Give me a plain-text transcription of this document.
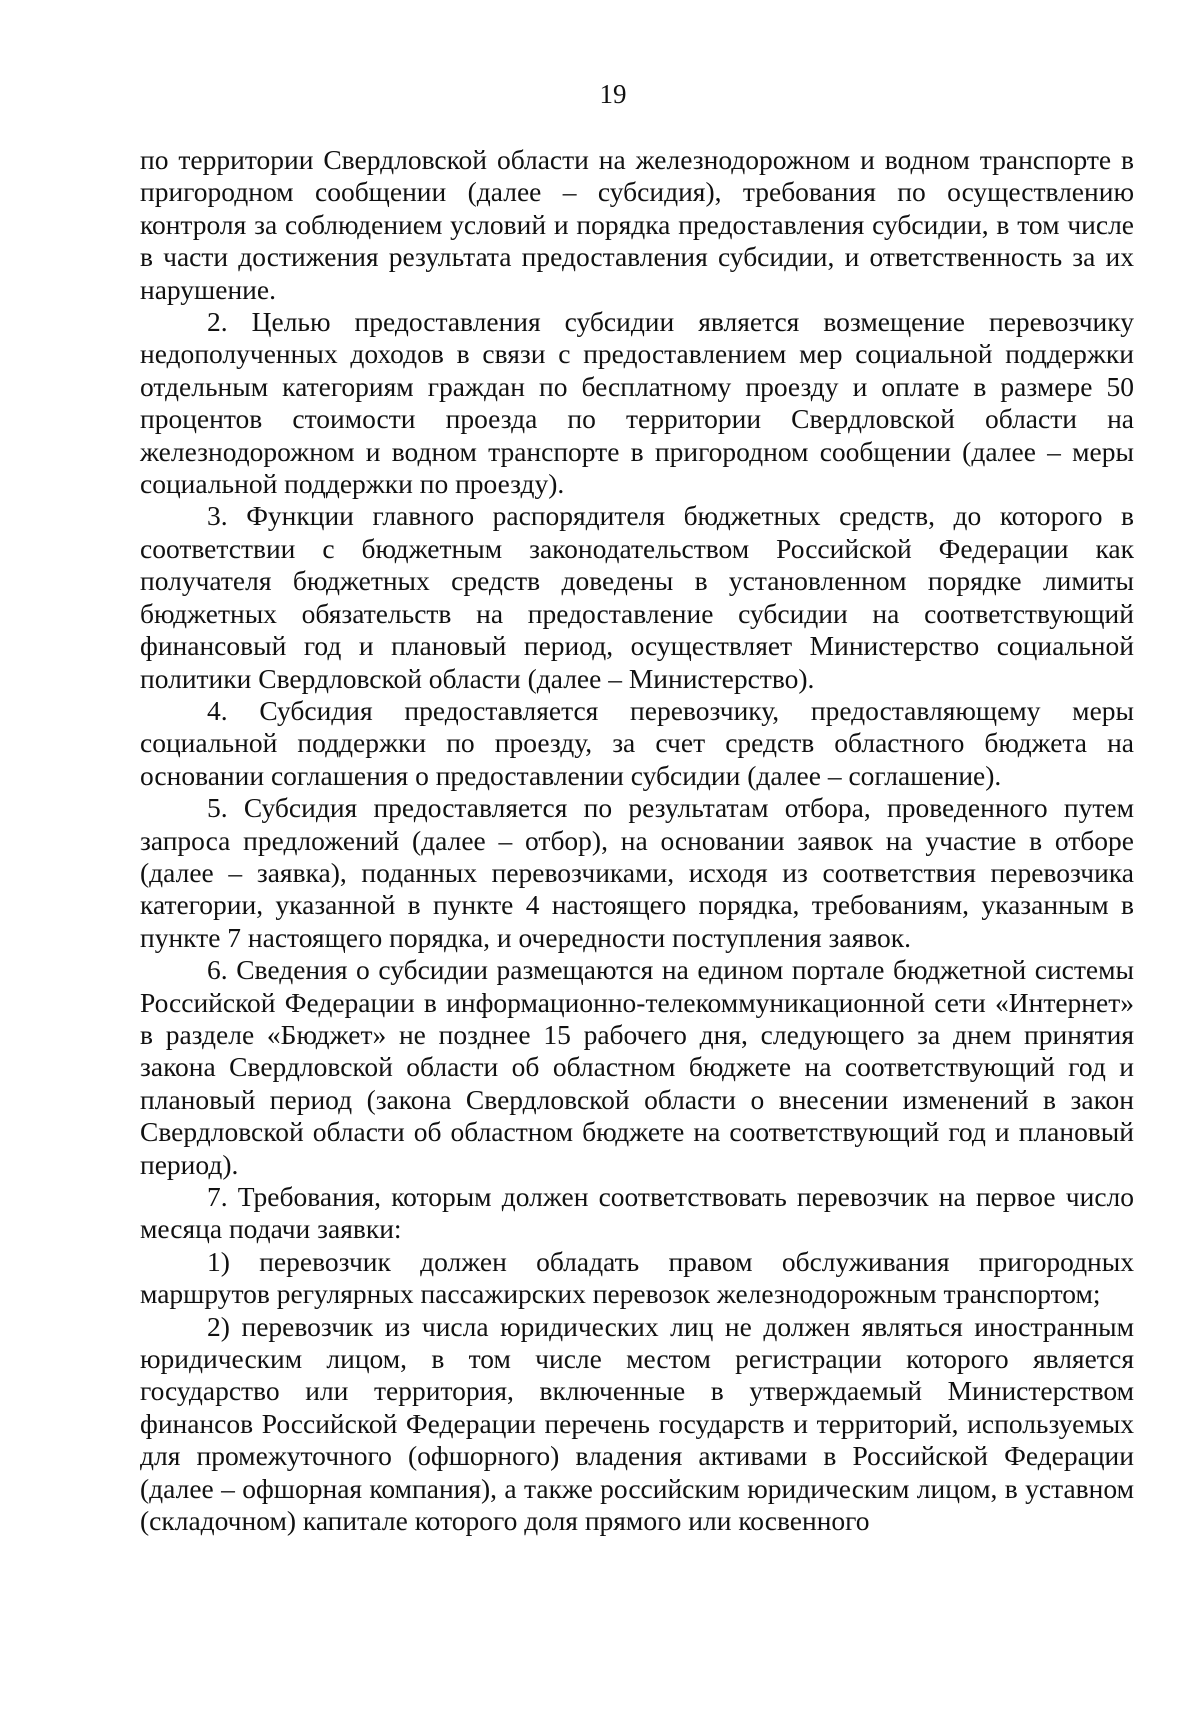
19

по территории Свердловской области на железнодорожном и водном транспорте в пригородном сообщении (далее – субсидия), требования по осуществлению контроля за соблюдением условий и порядка предоставления субсидии, в том числе в части достижения результата предоставления субсидии, и ответственность за их нарушение.

2. Целью предоставления субсидии является возмещение перевозчику недополученных доходов в связи с предоставлением мер социальной поддержки отдельным категориям граждан по бесплатному проезду и оплате в размере 50 процентов стоимости проезда по территории Свердловской области на железнодорожном и водном транспорте в пригородном сообщении (далее – меры социальной поддержки по проезду).

3. Функции главного распорядителя бюджетных средств, до которого в соответствии с бюджетным законодательством Российской Федерации как получателя бюджетных средств доведены в установленном порядке лимиты бюджетных обязательств на предоставление субсидии на соответствующий финансовый год и плановый период, осуществляет Министерство социальной политики Свердловской области (далее – Министерство).

4. Субсидия предоставляется перевозчику, предоставляющему меры социальной поддержки по проезду, за счет средств областного бюджета на основании соглашения о предоставлении субсидии (далее – соглашение).

5. Субсидия предоставляется по результатам отбора, проведенного путем запроса предложений (далее – отбор), на основании заявок на участие в отборе (далее – заявка), поданных перевозчиками, исходя из соответствия перевозчика категории, указанной в пункте 4 настоящего порядка, требованиям, указанным в пункте 7 настоящего порядка, и очередности поступления заявок.

6. Сведения о субсидии размещаются на едином портале бюджетной системы Российской Федерации в информационно-телекоммуникационной сети «Интернет» в разделе «Бюджет» не позднее 15 рабочего дня, следующего за днем принятия закона Свердловской области об областном бюджете на соответствующий год и плановый период (закона Свердловской области о внесении изменений в закон Свердловской области об областном бюджете на соответствующий год и плановый период).

7. Требования, которым должен соответствовать перевозчик на первое число месяца подачи заявки:

1) перевозчик должен обладать правом обслуживания пригородных маршрутов регулярных пассажирских перевозок железнодорожным транспортом;

2) перевозчик из числа юридических лиц не должен являться иностранным юридическим лицом, в том числе местом регистрации которого является государство или территория, включенные в утверждаемый Министерством финансов Российской Федерации перечень государств и территорий, используемых для промежуточного (офшорного) владения активами в Российской Федерации (далее – офшорная компания), а также российским юридическим лицом, в уставном (складочном) капитале которого доля прямого или косвенного
